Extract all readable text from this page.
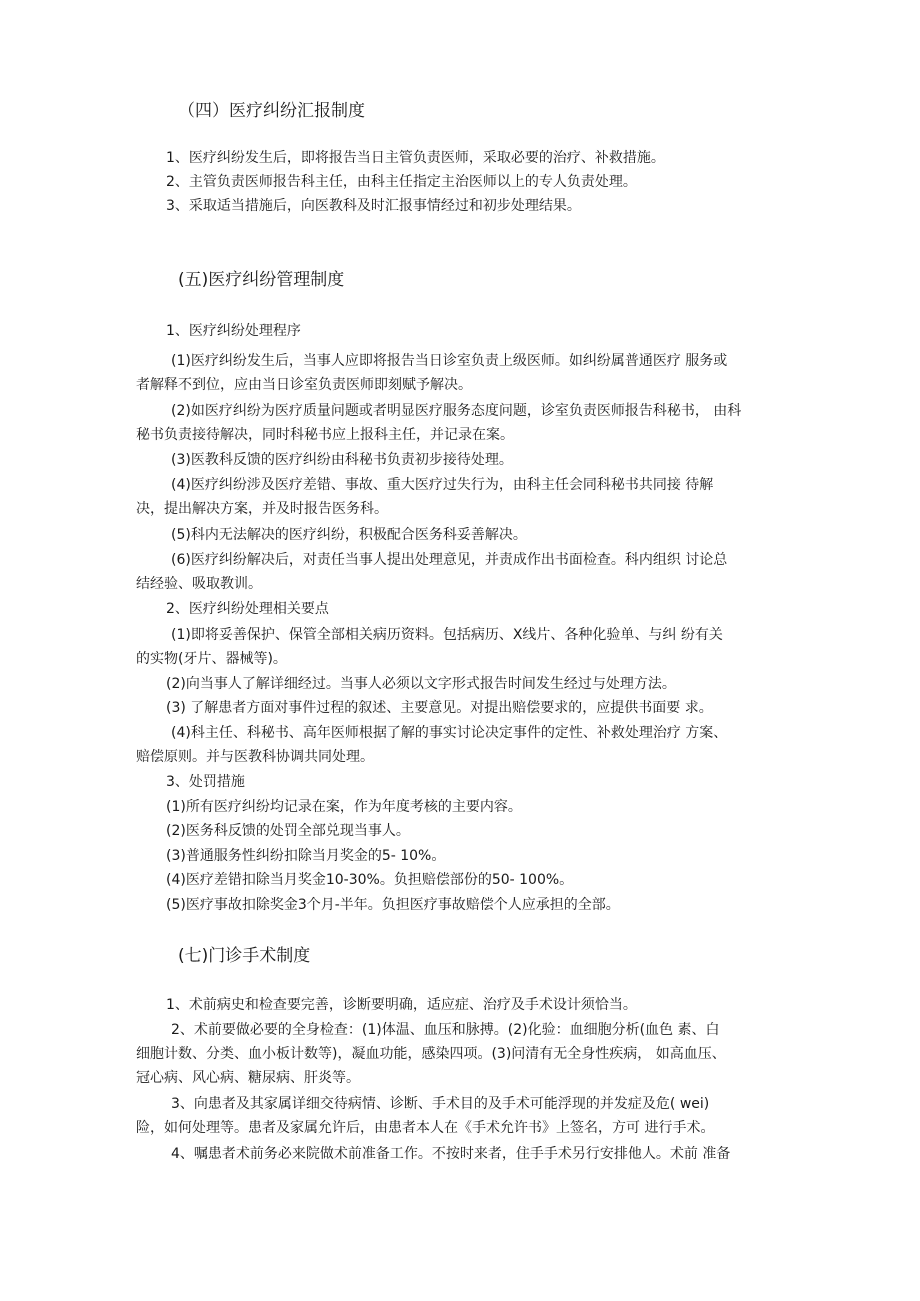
（四）医疗纠纷汇报制度
1、医疗纠纷发生后，即将报告当日主管负责医师，采取必要的治疗、补救措施。
2、主管负责医师报告科主任，由科主任指定主治医师以上的专人负责处理。
3、采取适当措施后，向医教科及时汇报事情经过和初步处理结果。
(五)医疗纠纷管理制度
1、医疗纠纷处理程序
(1)医疗纠纷发生后，当事人应即将报告当日诊室负责上级医师。如纠纷属普通医疗 服务或
者解释不到位，应由当日诊室负责医师即刻赋予解决。
(2)如医疗纠纷为医疗质量问题或者明显医疗服务态度问题，诊室负责医师报告科秘书， 由科
秘书负责接待解决，同时科秘书应上报科主任，并记录在案。
(3)医教科反馈的医疗纠纷由科秘书负责初步接待处理。
(4)医疗纠纷涉及医疗差错、事故、重大医疗过失行为，由科主任会同科秘书共同接 待解
决，提出解决方案，并及时报告医务科。
(5)科内无法解决的医疗纠纷，积极配合医务科妥善解决。
(6)医疗纠纷解决后，对责任当事人提出处理意见，并责成作出书面检查。科内组织 讨论总
结经验、吸取教训。
2、医疗纠纷处理相关要点
(1)即将妥善保护、保管全部相关病历资料。包括病历、X线片、各种化验单、与纠 纷有关
的实物(牙片、器械等)。
(2)向当事人了解详细经过。当事人必须以文字形式报告时间发生经过与处理方法。
(3) 了解患者方面对事件过程的叙述、主要意见。对提出赔偿要求的，应提供书面要 求。
(4)科主任、科秘书、高年医师根据了解的事实讨论决定事件的定性、补救处理治疗 方案、
赔偿原则。并与医教科协调共同处理。
3、处罚措施
(1)所有医疗纠纷均记录在案，作为年度考核的主要内容。
(2)医务科反馈的处罚全部兑现当事人。
(3)普通服务性纠纷扣除当月奖金的5- 10%。
(4)医疗差错扣除当月奖金10-30%。负担赔偿部份的50- 100%。
(5)医疗事故扣除奖金3个月-半年。负担医疗事故赔偿个人应承担的全部。
(七)门诊手术制度
1、术前病史和检查要完善，诊断要明确，适应症、治疗及手术设计须恰当。
2、术前要做必要的全身检查：(1)体温、血压和脉搏。(2)化验：血细胞分析(血色 素、白
细胞计数、分类、血小板计数等)，凝血功能，感染四项。(3)问清有无全身性疾病， 如高血压、
冠心病、风心病、糖尿病、肝炎等。
3、向患者及其家属详细交待病情、诊断、手术目的及手术可能浮现的并发症及危( wei)
险，如何处理等。患者及家属允许后，由患者本人在《手术允许书》上签名，方可 进行手术。
4、嘱患者术前务必来院做术前准备工作。不按时来者，住手手术另行安排他人。术前 准备
